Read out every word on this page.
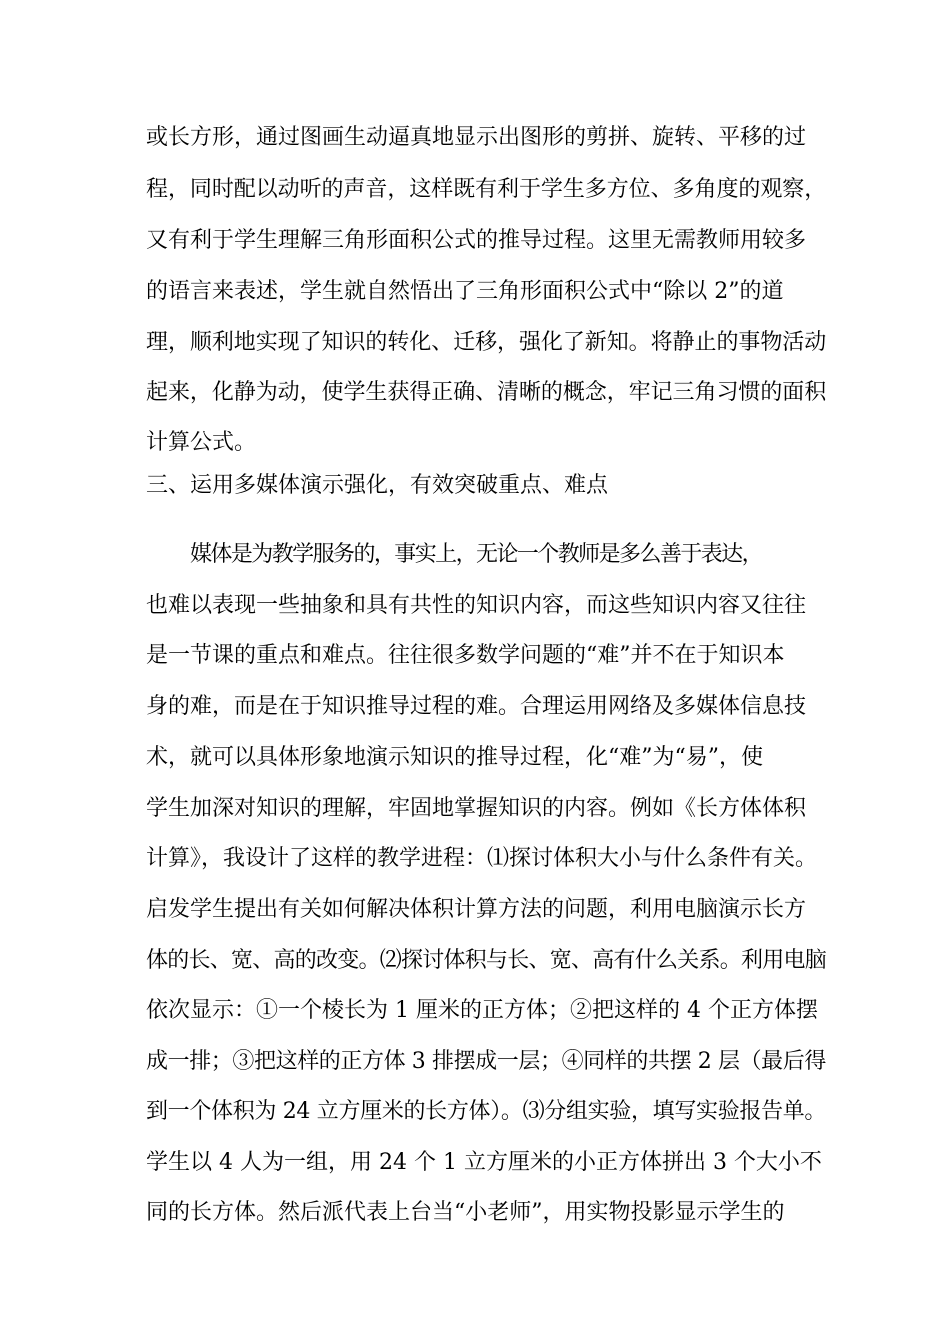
或长方形，通过图画生动逼真地显示出图形的剪拼、旋转、平移的过
程，同时配以动听的声音，这样既有利于学生多方位、多角度的观察，
又有利于学生理解三角形面积公式的推导过程。这里无需教师用较多
的语言来表述，学生就自然悟出了三角形面积公式中“除以 2”的道
理，顺利地实现了知识的转化、迁移，强化了新知。将静止的事物活动
起来，化静为动，使学生获得正确、清晰的概念，牢记三角习惯的面积
计算公式。
三、运用多媒体演示强化，有效突破重点、难点
媒体是为教学服务的，事实上，无论一个教师是多么善于表达，
也难以表现一些抽象和具有共性的知识内容，而这些知识内容又往往
是一节课的重点和难点。往往很多数学问题的“难”并不在于知识本
身的难，而是在于知识推导过程的难。合理运用网络及多媒体信息技
术，就可以具体形象地演示知识的推导过程，化“难”为“易”，使
学生加深对知识的理解，牢固地掌握知识的内容。例如《长方体体积
计算》，我设计了这样的教学进程：⑴探讨体积大小与什么条件有关。
启发学生提出有关如何解决体积计算方法的问题，利用电脑演示长方
体的长、宽、高的改变。⑵探讨体积与长、宽、高有什么关系。利用电脑
依次显示：①一个棱长为 1 厘米的正方体；②把这样的 4 个正方体摆
成一排；③把这样的正方体 3 排摆成一层；④同样的共摆 2 层（最后得
到一个体积为 24 立方厘米的长方体）。⑶分组实验，填写实验报告单。
学生以 4 人为一组，用 24 个 1 立方厘米的小正方体拼出 3 个大小不
同的长方体。然后派代表上台当“小老师”，用实物投影显示学生的
